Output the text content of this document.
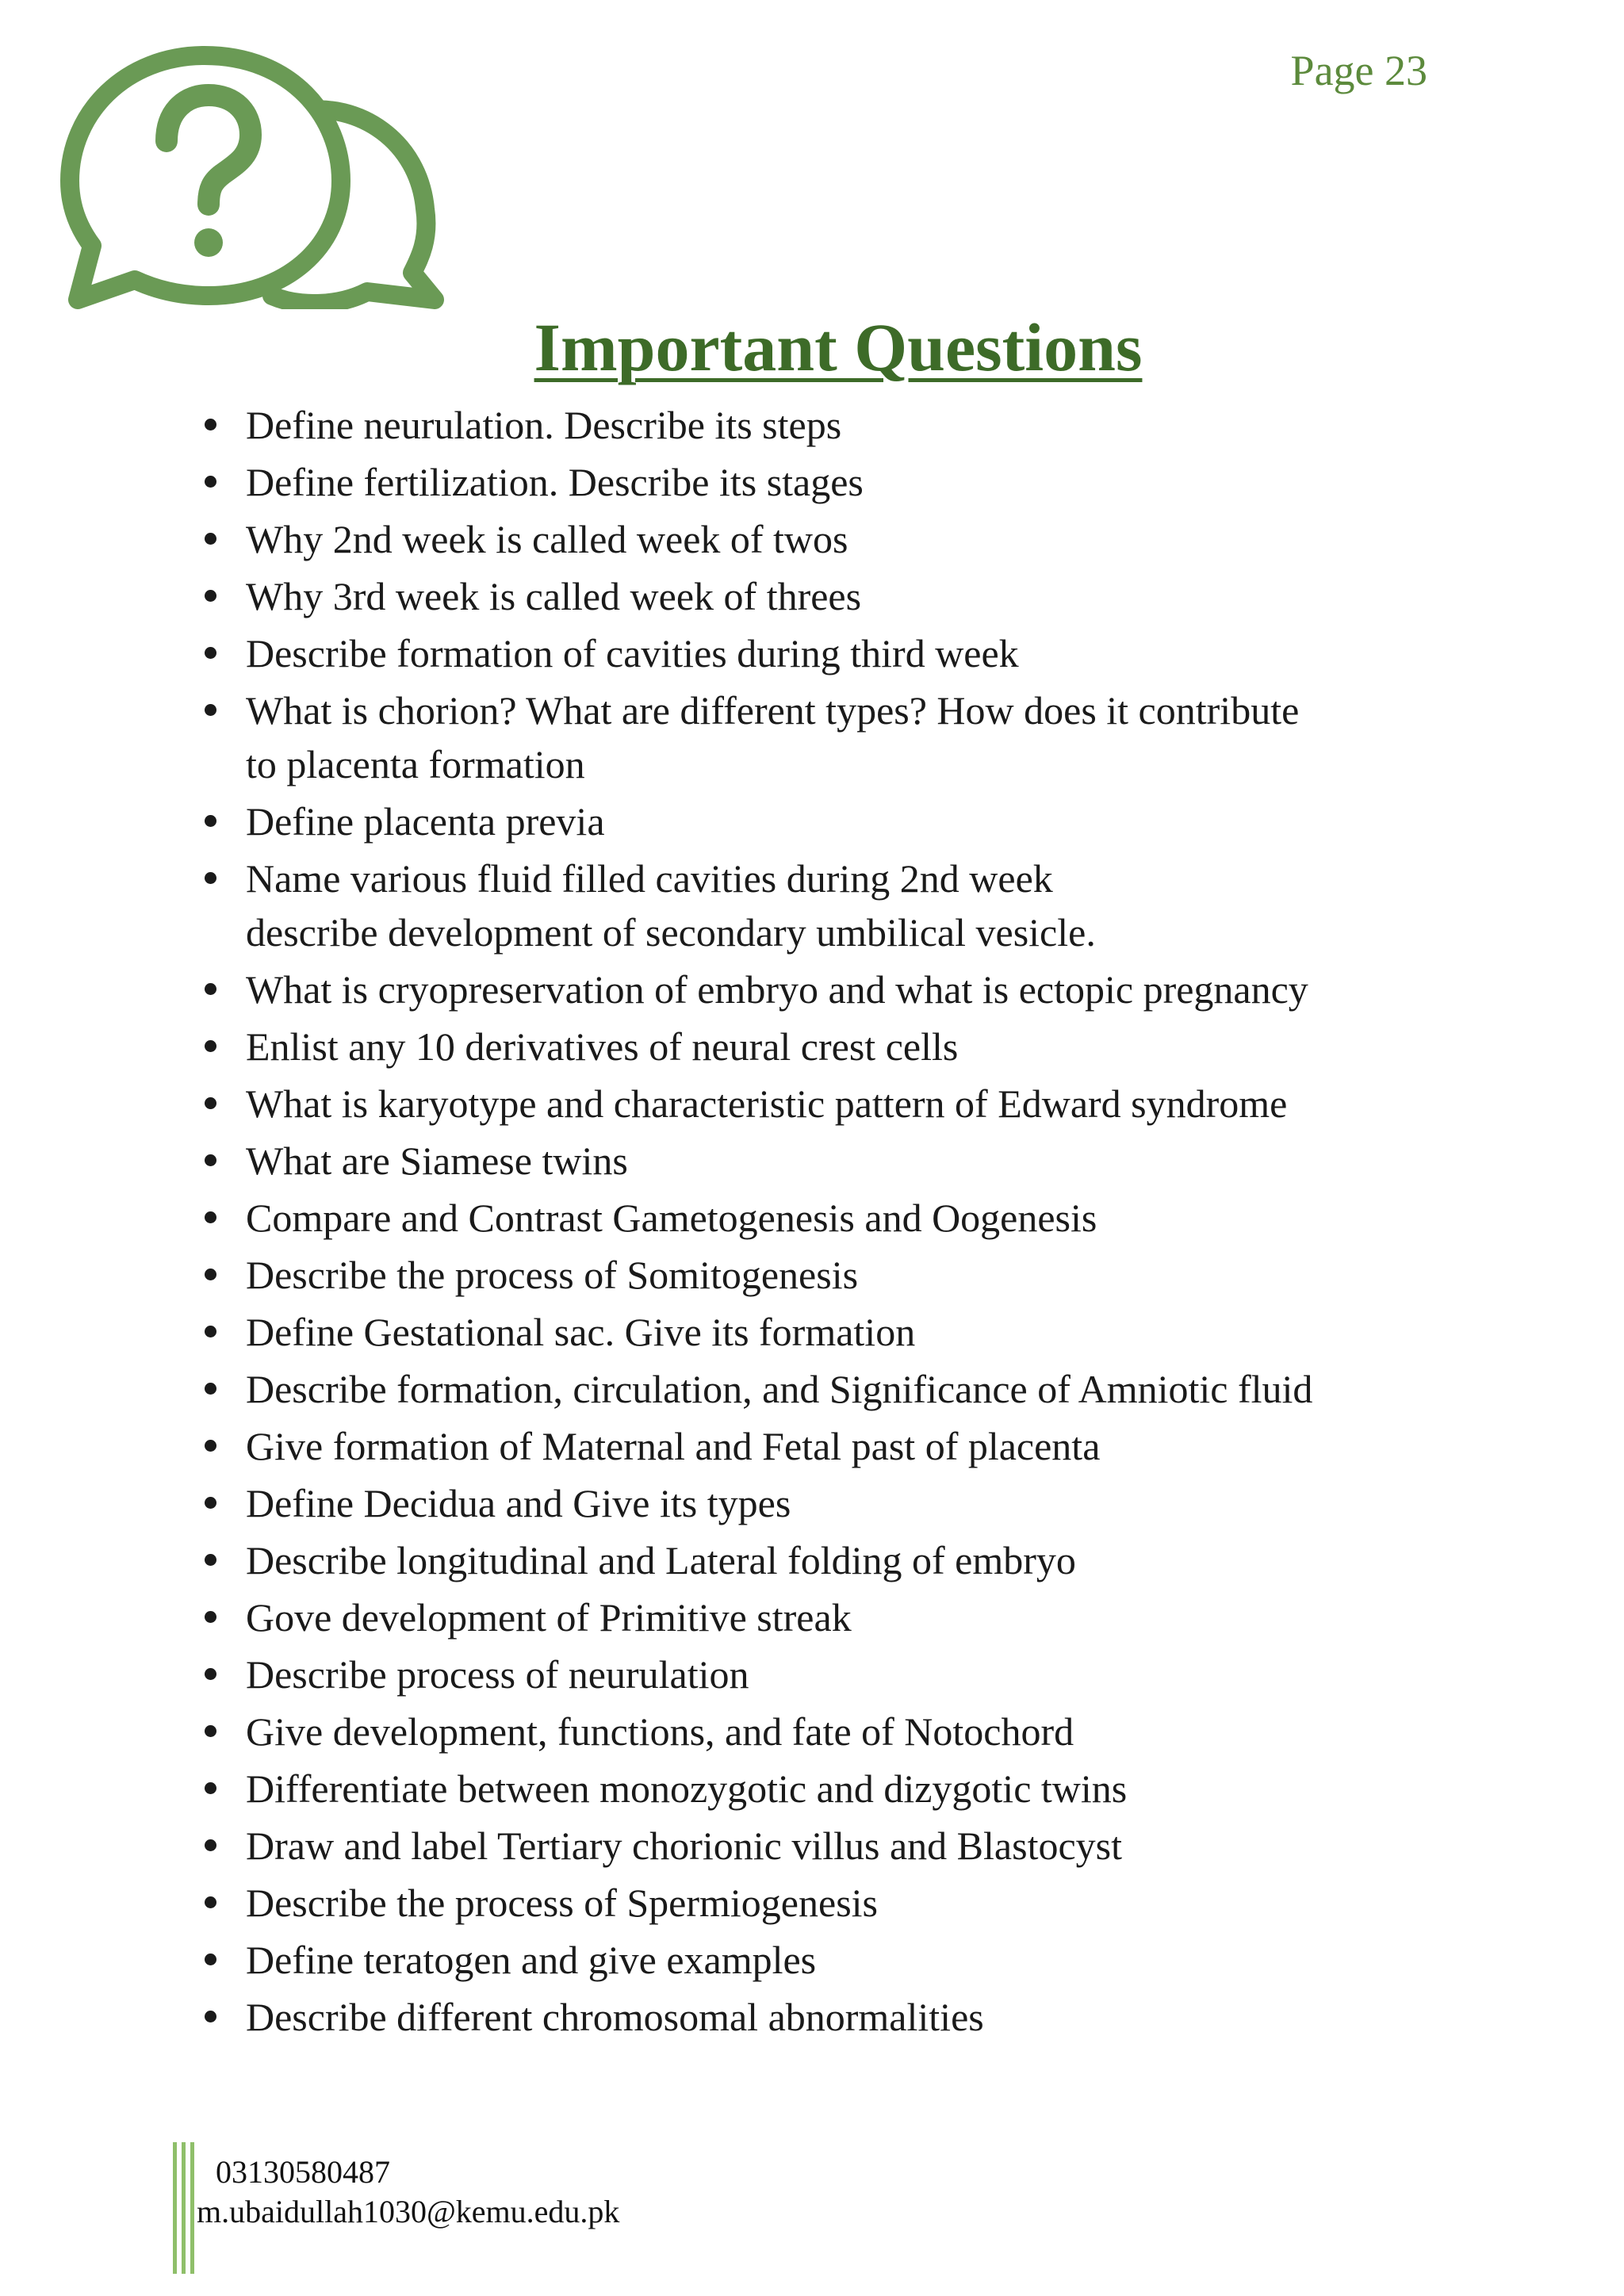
Page 23
Important Questions
Define neurulation. Describe its steps
Define fertilization. Describe its stages
Why 2nd week is called week of twos
Why 3rd week is called week of threes
Describe formation of cavities during third week
What is chorion? What are different types? How does it contribute
to placenta formation
Define placenta previa
Name various fluid filled cavities during 2nd week
describe development of secondary umbilical vesicle.
What is cryopreservation of embryo and what is ectopic pregnancy
Enlist any 10 derivatives of neural crest cells
What is karyotype and characteristic pattern of Edward syndrome
What are Siamese twins
Compare and Contrast Gametogenesis and Oogenesis
Describe the process of Somitogenesis
Define Gestational sac. Give its formation
Describe formation, circulation, and Significance of Amniotic fluid
Give formation of Maternal and Fetal past of placenta
Define Decidua and Give its types
Describe longitudinal and Lateral folding of embryo
Gove development of Primitive streak
Describe process of neurulation
Give development, functions, and fate of Notochord
Differentiate between monozygotic and dizygotic twins
Draw and label Tertiary chorionic villus and Blastocyst
Describe the process of Spermiogenesis
Define teratogen and give examples
Describe different chromosomal abnormalities
03130580487
m.ubaidullah1030@kemu.edu.pk
